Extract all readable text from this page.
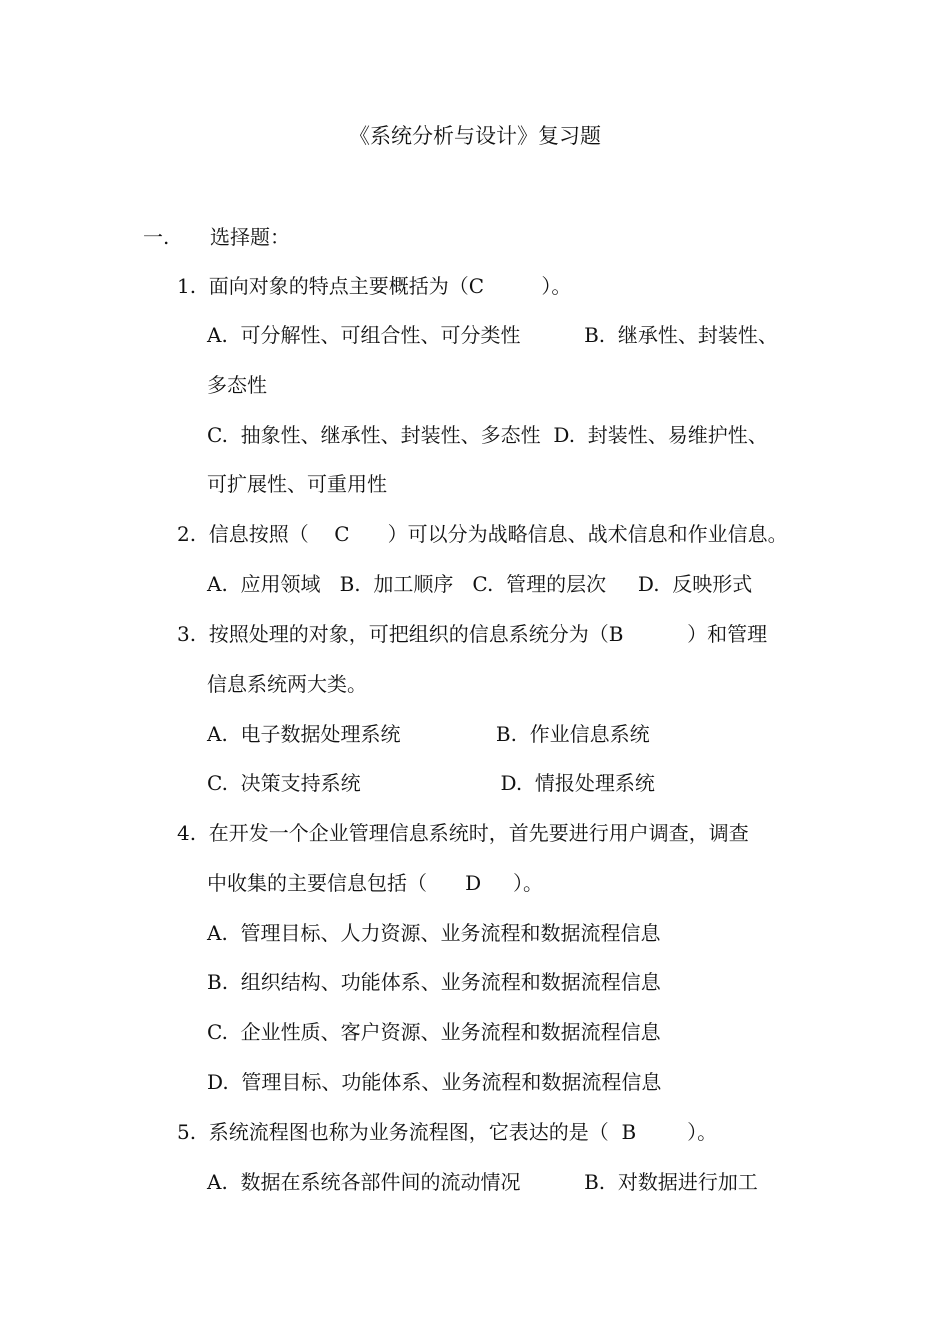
《系统分析与设计》复习题
一. 选择题：
1.  面向对象的特点主要概括为（C         ）。
A.  可分解性、可组合性、可分类性          B.  继承性、封装性、
多态性
C.  抽象性、继承性、封装性、多态性  D.  封装性、易维护性、
可扩展性、可重用性
2.  信息按照（    C      ）可以分为战略信息、战术信息和作业信息。
A.  应用领域   B.  加工顺序   C.  管理的层次     D.  反映形式
3.  按照处理的对象，可把组织的信息系统分为（B          ）和管理
信息系统两大类。
A.  电子数据处理系统               B.  作业信息系统
C.  决策支持系统                      D.  情报处理系统
4.  在开发一个企业管理信息系统时，首先要进行用户调查，调查
中收集的主要信息包括（      D     ）。
A.  管理目标、人力资源、业务流程和数据流程信息
B.  组织结构、功能体系、业务流程和数据流程信息
C.  企业性质、客户资源、业务流程和数据流程信息
D.  管理目标、功能体系、业务流程和数据流程信息
5.  系统流程图也称为业务流程图，它表达的是（  B        ）。
A.  数据在系统各部件间的流动情况          B.  对数据进行加工
